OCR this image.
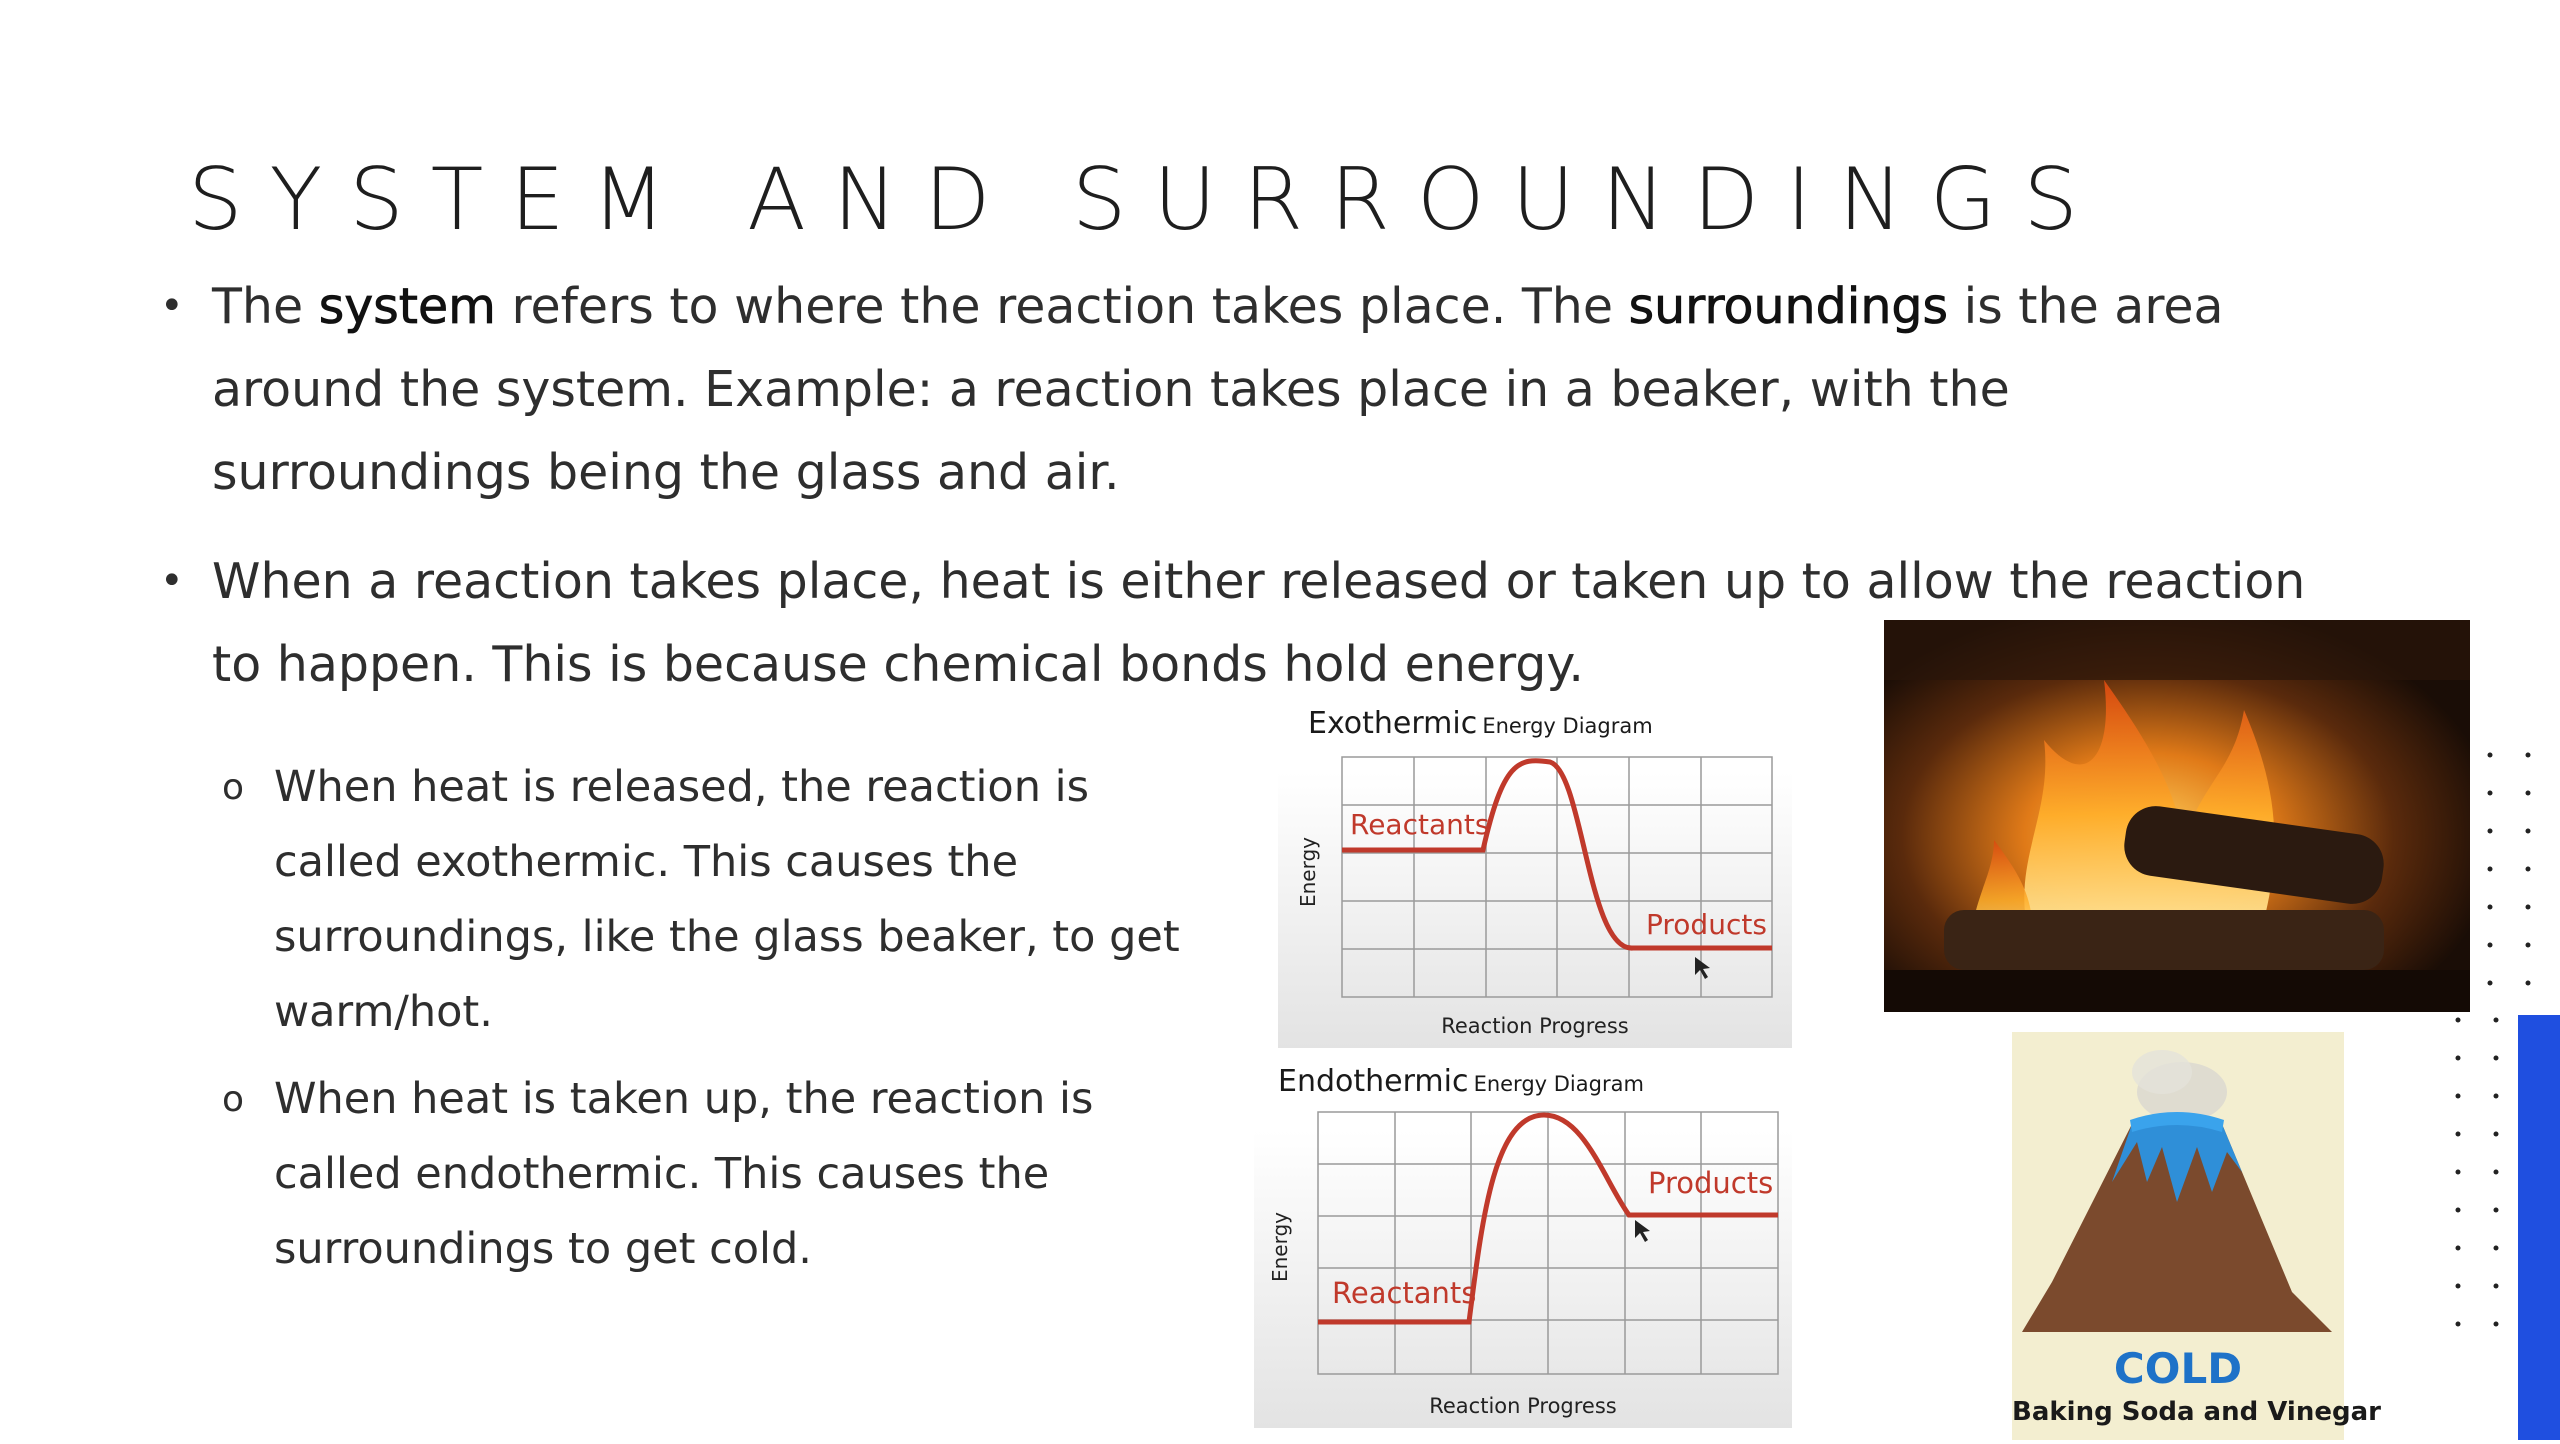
SYSTEM AND SURROUNDINGS
• The system refers to where the reaction takes place. The surroundings is the area around the system. Example: a reaction takes place in a beaker, with the surroundings being the glass and air.
• When a reaction takes place, heat is either released or taken up to allow the reaction to happen. This is because chemical bonds hold energy.
o When heat is released, the reaction is called exothermic. This causes the surroundings, like the glass beaker, to get warm/hot.
o When heat is taken up, the reaction is called endothermic. This causes the surroundings to get cold.
Exothermic Energy Diagram
Reactants
Products
Energy
Reaction Progress
Endothermic Energy Diagram
Reactants
Products
Energy
Reaction Progress
COLD
Baking Soda and Vinegar
